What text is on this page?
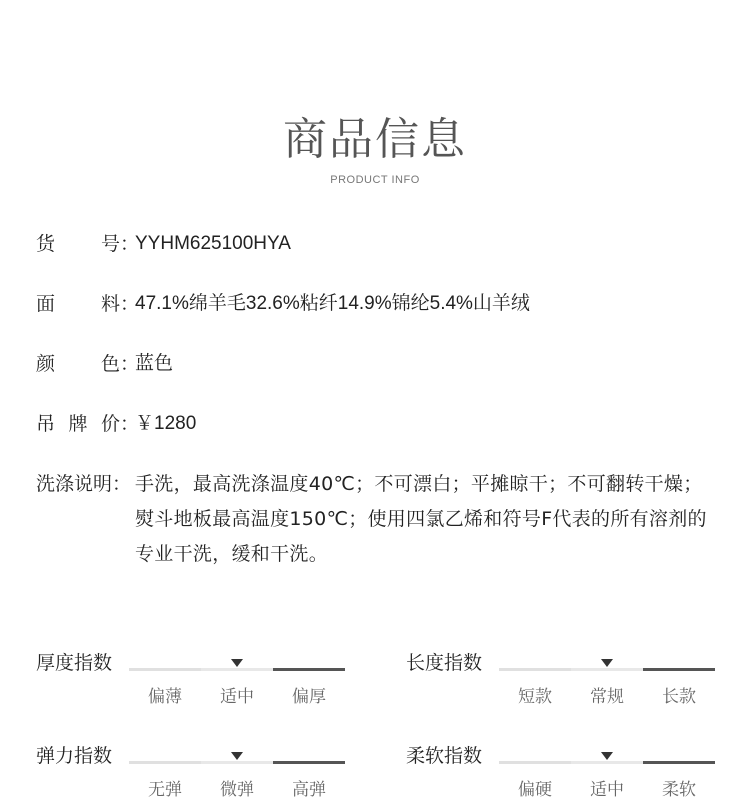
商品信息
PRODUCT INFO
货 号 ：
YYHM625100HYA
面 料 ：
47.1%绵羊毛32.6%粘纤14.9%锦纶5.4%山羊绒
颜 色 ：
蓝色
吊 牌 价 ：
￥1280
洗涤说明： 手洗，最高洗涤温度40℃；不可漂白；平摊晾干；不可翻转干燥；熨斗地板最高温度150℃；使用四氯乙烯和符号F代表的所有溶剂的专业干洗，缓和干洗。
厚度指数
偏薄	适中	偏厚
长度指数
短款	常规	长款
弹力指数
无弹	微弹	高弹
柔软指数
偏硬	适中	柔软
